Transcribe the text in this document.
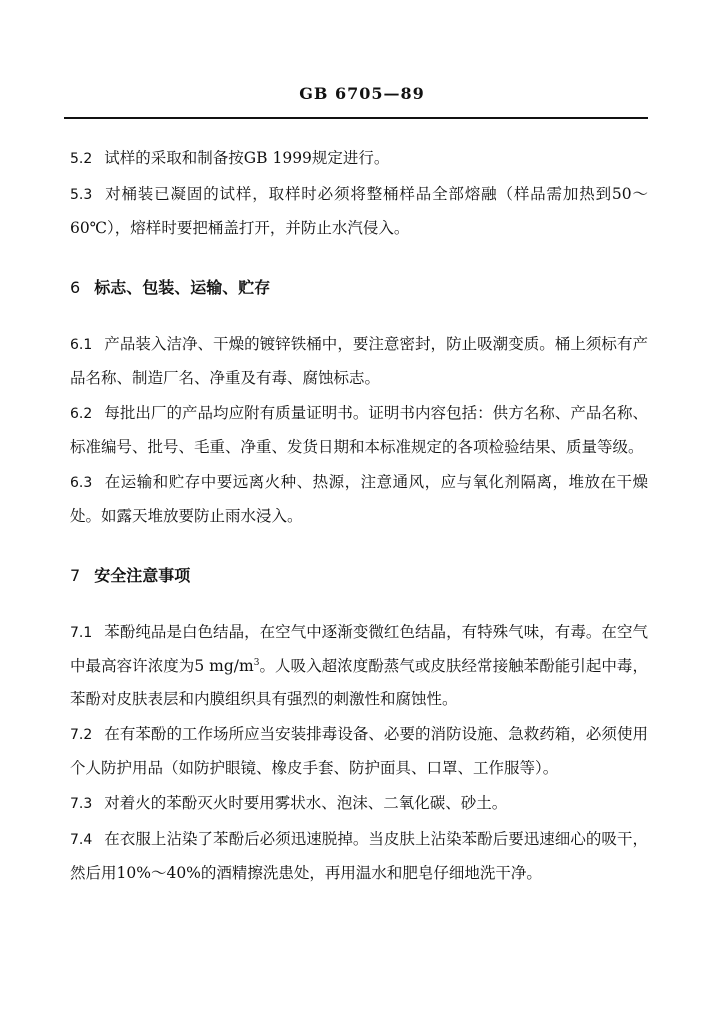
GB 6705—89

5.2 试样的采取和制备按GB 1999规定进行。

5.3 对桶装已凝固的试样，取样时必须将整桶样品全部熔融（样品需加热到50～60℃），熔样时要把桶盖打开，并防止水汽侵入。

6 标志、包装、运输、贮存

6.1 产品装入洁净、干燥的镀锌铁桶中，要注意密封，防止吸潮变质。桶上须标有产品名称、制造厂名、净重及有毒、腐蚀标志。

6.2 每批出厂的产品均应附有质量证明书。证明书内容包括：供方名称、产品名称、标准编号、批号、毛重、净重、发货日期和本标准规定的各项检验结果、质量等级。

6.3 在运输和贮存中要远离火种、热源，注意通风，应与氧化剂隔离，堆放在干燥处。如露天堆放要防止雨水浸入。

7 安全注意事项

7.1 苯酚纯品是白色结晶，在空气中逐渐变微红色结晶，有特殊气味，有毒。在空气中最高容许浓度为5 $mg/m^3$。人吸入超浓度酚蒸气或皮肤经常接触苯酚能引起中毒，苯酚对皮肤表层和内膜组织具有强烈的刺激性和腐蚀性。

7.2 在有苯酚的工作场所应当安装排毒设备、必要的消防设施、急救药箱，必须使用个人防护用品（如防护眼镜、橡皮手套、防护面具、口罩、工作服等）。

7.3 对着火的苯酚灭火时要用雾状水、泡沫、二氧化碳、砂土。

7.4 在衣服上沾染了苯酚后必须迅速脱掉。当皮肤上沾染苯酚后要迅速细心的吸干，然后用10%～40%的酒精擦洗患处，再用温水和肥皂仔细地洗干净。
